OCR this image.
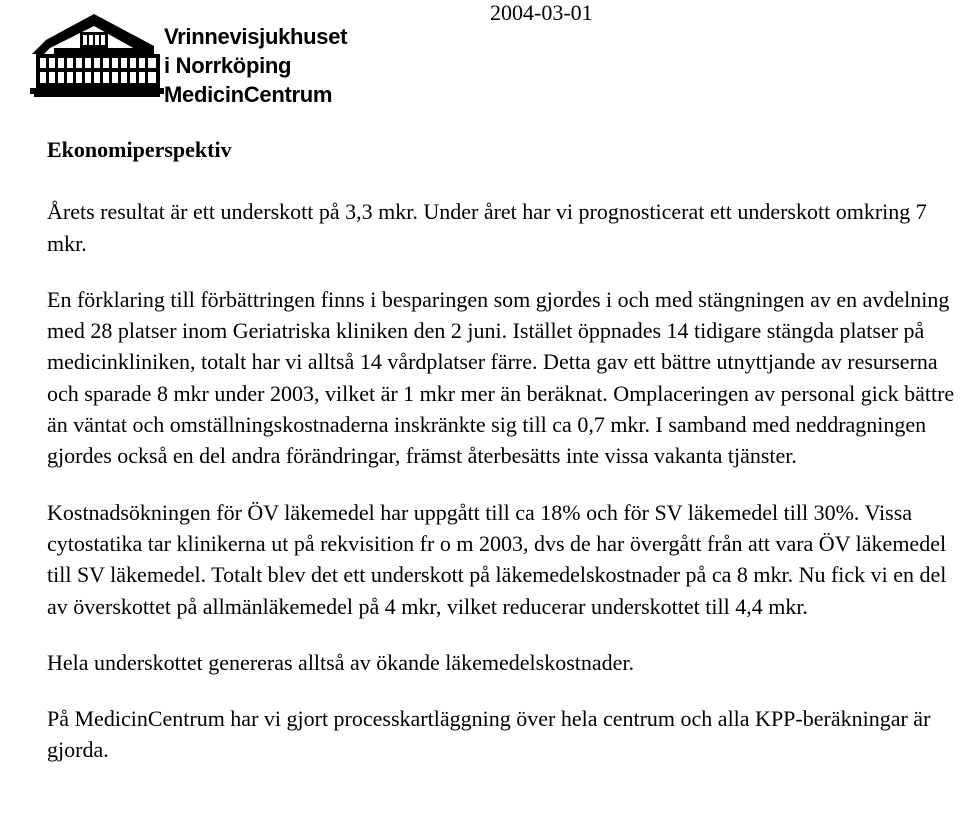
2004-03-01
Vrinnevisjukhuset
i Norrköping
MedicinCentrum
Ekonomiperspektiv

Årets resultat är ett underskott på 3,3 mkr. Under året har vi prognosticerat ett underskott omkring 7 mkr.

En förklaring till förbättringen finns i besparingen som gjordes i och med stängningen av en avdelning med 28 platser inom Geriatriska kliniken den 2 juni. Istället öppnades 14 tidigare stängda platser på medicinkliniken, totalt har vi alltså 14 vårdplatser färre. Detta gav ett bättre utnyttjande av resurserna och sparade 8 mkr under 2003, vilket är 1 mkr mer än beräknat. Omplaceringen av personal gick bättre än väntat och omställningskostnaderna inskränkte sig till ca 0,7 mkr. I samband med neddragningen gjordes också en del andra förändringar, främst återbesätts inte vissa vakanta tjänster.

Kostnadsökningen för ÖV läkemedel har uppgått till ca 18% och för SV läkemedel till 30%. Vissa cytostatika tar klinikerna ut på rekvisition fr o m 2003, dvs de har övergått från att vara ÖV läkemedel till SV läkemedel. Totalt blev det ett underskott på läkemedelskostnader på ca 8 mkr. Nu fick vi en del av överskottet på allmänläkemedel på 4 mkr, vilket reducerar underskottet till 4,4 mkr.

Hela underskottet genereras alltså av ökande läkemedelskostnader.

På MedicinCentrum har vi gjort processkartläggning över hela centrum och alla KPP-beräkningar är gjorda.
